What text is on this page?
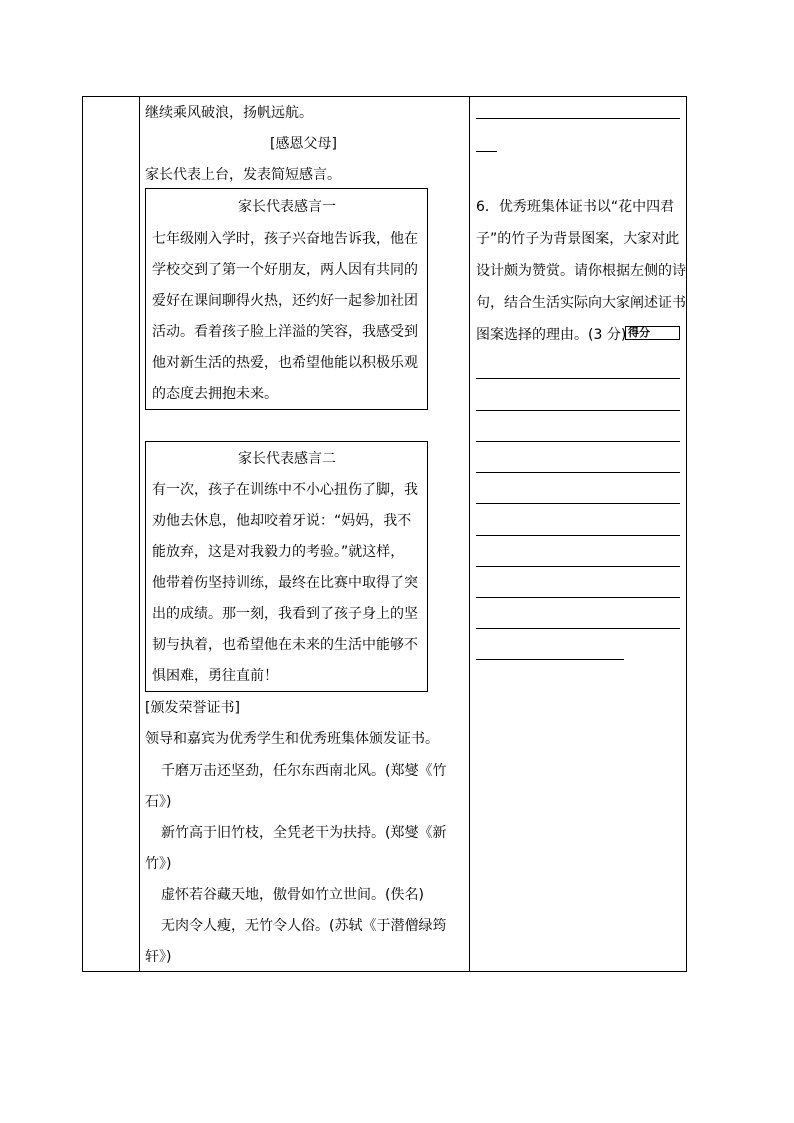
继续乘风破浪，扬帆远航。
[感恩父母]
家长代表上台，发表简短感言。
家长代表感言一
七年级刚入学时，孩子兴奋地告诉我，他在
学校交到了第一个好朋友，两人因有共同的
爱好在课间聊得火热，还约好一起参加社团
活动。看着孩子脸上洋溢的笑容，我感受到
他对新生活的热爱，也希望他能以积极乐观
的态度去拥抱未来。
家长代表感言二
有一次，孩子在训练中不小心扭伤了脚，我
劝他去休息，他却咬着牙说：“妈妈，我不
能放弃，这是对我毅力的考验。”就这样，
他带着伤坚持训练，最终在比赛中取得了突
出的成绩。那一刻，我看到了孩子身上的坚
韧与执着，也希望他在未来的生活中能够不
惧困难，勇往直前！
[颁发荣誉证书]
领导和嘉宾为优秀学生和优秀班集体颁发证书。
千磨万击还坚劲，任尔东西南北风。(郑燮《竹
石》)
新竹高于旧竹枝，全凭老干为扶持。(郑燮《新
竹》)
虚怀若谷藏天地，傲骨如竹立世间。(佚名)
无肉令人瘦，无竹令人俗。(苏轼《于潜僧绿筠
轩》)
6．优秀班集体证书以“花中四君
子”的竹子为背景图案，大家对此
设计颇为赞赏。请你根据左侧的诗
句，结合生活实际向大家阐述证书
图案选择的理由。(3 分) 得分
